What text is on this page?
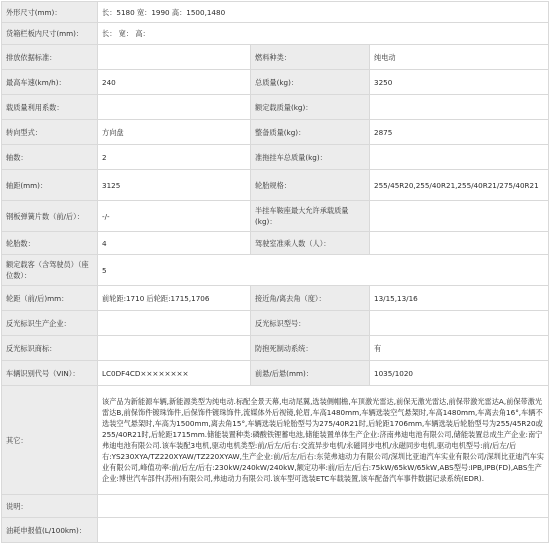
外形尺寸(mm)：	长：5180 宽：1990 高：1500,1480		
货箱栏板内尺寸(mm)：	长： 宽： 高：		
排放依据标准：		燃料种类：	纯电动
最高车速(km/h)：	240	总质量(kg)：	3250
载质量利用系数：		额定载质量(kg)：	
转向型式：	方向盘	整备质量(kg)：	2875
轴数：	2	准拖挂车总质量(kg)：	
轴距(mm)：	3125	轮胎规格：	255/45R20,255/40R21,255/40R21/275/40R21
钢板弹簧片数（前/后）：	-/-	半挂车鞍座最大允许承载质量(kg)：	
轮胎数：	4	驾驶室准乘人数（人）：	
额定载客（含驾驶员）（座位数）：	5		
轮距（前/后)mm：	前轮距:1710 后轮距:1715,1706	接近角/离去角（度）：	13/15,13/16
反光标识生产企业：		反光标识型号：	
反光标识商标：		防抱死制动系统：	有
车辆识别代号（VIN）：	LC0DF4CD××××××××	前悬/后悬(mm)：	1035/1020
其它：	该产品为新能源车辆,新能源类型为纯电动.标配全景天幕,电动尾翼,选装侧帽檐,车顶激光雷达,前保无激光雷达,前保带激光雷达A,前保带激光雷达B,前保饰件镀珠饰件,后保饰件镀珠饰件,流媒体外后视镜,轮眉,车高1480mm,车辆选装空气悬架时,车高1480mm,车离去角16°,车辆不选装空气悬架时,车高为1500mm,离去角15°,车辆选装后轮胎型号为275/40R21时,后轮距1706mm,车辆选装后轮胎型号为255/45R20或255/40R21时,后轮距1715mm.储能装置种类:磷酸铁锂蓄电池,储能装置单体生产企业:济南弗迪电池有限公司,储能装置总成生产企业:南宁弗迪电池有限公司.该车装配3电机,驱动电机类型:前/后左/后右:交流异步电机/永磁同步电机/永磁同步电机,驱动电机型号:前/后左/后右:YS230XYA/TZ220XYAW/TZ220XYAW,生产企业:前/后左/后右:东莞弗迪动力有限公司/深圳比亚迪汽车实业有限公司/深圳比亚迪汽车实业有限公司,峰值功率:前/后左/后右:230kW/240kW/240kW,额定功率:前/后左/后右:75kW/65kW/65kW,ABS型号:IPB,IPB(FD),ABS生产企业:博世汽车部件(苏州)有限公司,弗迪动力有限公司.该车型可选装ETC车载装置,该车配备汽车事件数据记录系统(EDR).		
说明：			
油耗申报值(L/100km)：			
